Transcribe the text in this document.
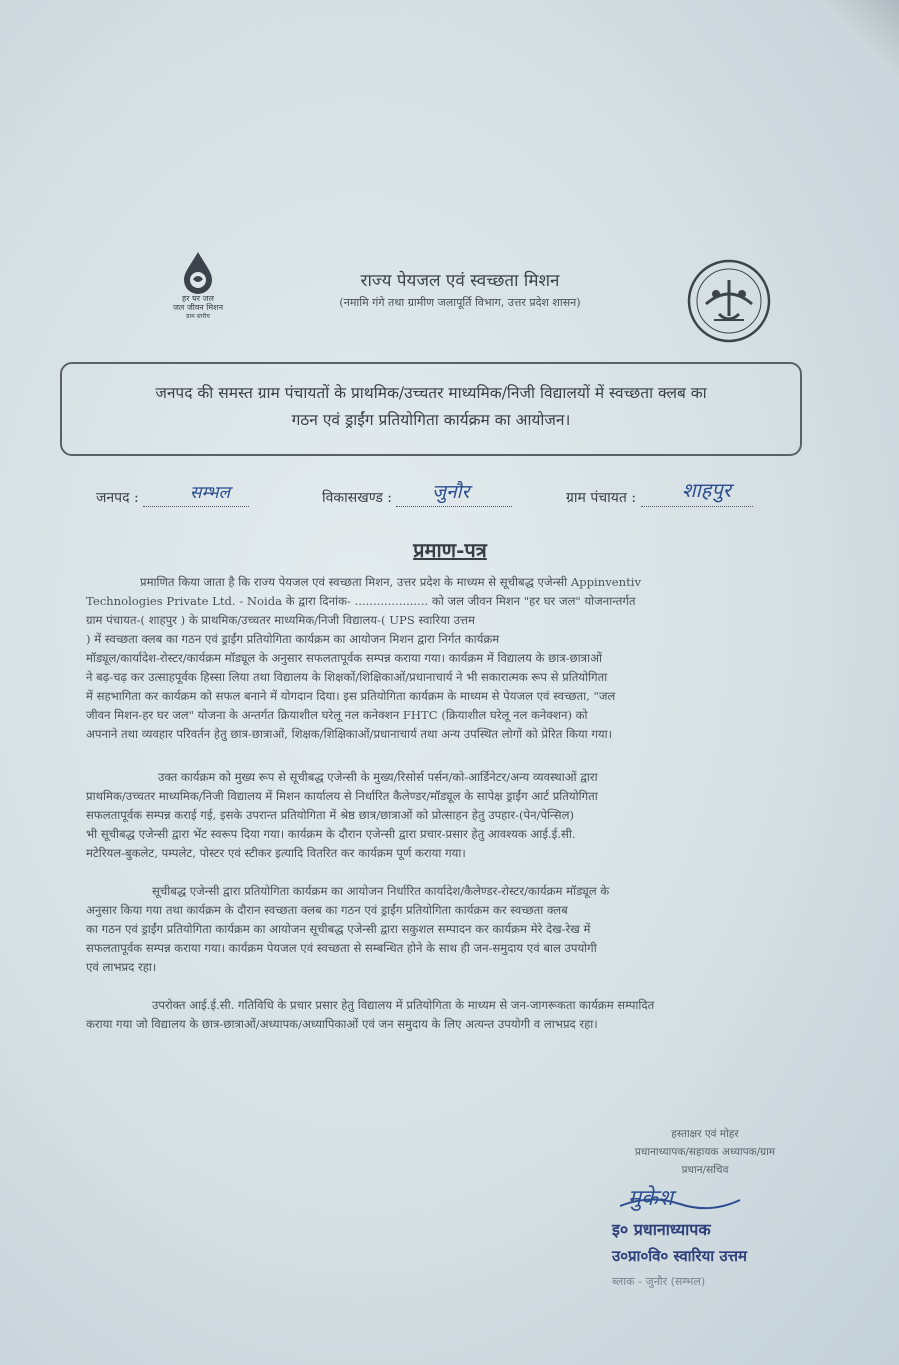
हर घर जल
जल जीवन मिशन
ग्राम स्तरीय
राज्य पेयजल एवं स्वच्छता मिशन
(नमामि गंगे तथा ग्रामीण जलापूर्ति विभाग, उत्तर प्रदेश शासन)
जनपद की समस्त ग्राम पंचायतों के प्राथमिक/उच्चतर माध्यमिक/निजी विद्यालयों में स्वच्छता क्लब का
गठन एवं ड्राईंग प्रतियोगिता कार्यक्रम का आयोजन।
जनपद :	सम्भल	विकासखण्ड :	जुनौर	ग्राम पंचायत :	शाहपुर
प्रमाण-पत्र
प्रमाणित किया जाता है कि राज्य पेयजल एवं स्वच्छता मिशन, उत्तर प्रदेश के माध्यम से सूचीबद्ध एजेन्सी Appinventiv
Technologies Private Ltd. - Noida के द्वारा दिनांक- .................... को जल जीवन मिशन "हर घर जल" योजनान्तर्गत
ग्राम पंचायत-( शाहपुर ) के प्राथमिक/उच्चतर माध्यमिक/निजी विद्यालय-( UPS स्वारिया उत्तम
) में स्वच्छता क्लब का गठन एवं ड्राईंग प्रतियोगिता कार्यक्रम का आयोजन मिशन द्वारा निर्गत कार्यक्रम
मॉड्यूल/कार्यादेश-रोस्टर/कार्यक्रम मॉड्यूल के अनुसार सफलतापूर्वक सम्पन्न कराया गया। कार्यक्रम में विद्यालय के छात्र-छात्राओं
ने बढ़-चढ़ कर उत्साहपूर्वक हिस्सा लिया तथा विद्यालय के शिक्षकों/शिक्षिकाओं/प्रधानाचार्य ने भी सकारात्मक रूप से प्रतियोगिता
में सहभागिता कर कार्यक्रम को सफल बनाने में योगदान दिया। इस प्रतियोगिता कार्यक्रम के माध्यम से पेयजल एवं स्वच्छता, "जल
जीवन मिशन-हर घर जल" योजना के अन्तर्गत क्रियाशील घरेलू नल कनेक्शन FHTC (क्रियाशील घरेलू नल कनेक्शन) को
अपनाने तथा व्यवहार परिवर्तन हेतु छात्र-छात्राओं, शिक्षक/शिक्षिकाओं/प्रधानाचार्य तथा अन्य उपस्थित लोगों को प्रेरित किया गया।
उक्त कार्यक्रम को मुख्य रूप से सूचीबद्ध एजेन्सी के मुख्य/रिसोर्स पर्सन/को-आर्डिनेटर/अन्य व्यवस्थाओं द्वारा
प्राथमिक/उच्चतर माध्यमिक/निजी विद्यालय में मिशन कार्यालय से निर्धारित कैलेण्डर/मॉड्यूल के सापेक्ष ड्राईंग आर्ट प्रतियोगिता
सफलतापूर्वक सम्पन्न कराई गई, इसके उपरान्त प्रतियोगिता में श्रेष्ठ छात्र/छात्राओं को प्रोत्साहन हेतु उपहार-(पेन/पेन्सिल)
भी सूचीबद्ध एजेन्सी द्वारा भेंट स्वरूप दिया गया। कार्यक्रम के दौरान एजेन्सी द्वारा प्रचार-प्रसार हेतु आवश्यक आई.ई.सी.
मटेरियल-बुकलेट, पम्पलेट, पोस्टर एवं स्टीकर इत्यादि वितरित कर कार्यक्रम पूर्ण कराया गया।
सूचीबद्ध एजेन्सी द्वारा प्रतियोगिता कार्यक्रम का आयोजन निर्धारित कार्यादेश/कैलेण्डर-रोस्टर/कार्यक्रम मॉड्यूल के
अनुसार किया गया तथा कार्यक्रम के दौरान स्वच्छता क्लब का गठन एवं ड्राईंग प्रतियोगिता कार्यक्रम कर स्वच्छता क्लब
का गठन एवं ड्राईंग प्रतियोगिता कार्यक्रम का आयोजन सूचीबद्ध एजेन्सी द्वारा सकुशल सम्पादन कर कार्यक्रम मेरे देख-रेख में
सफलतापूर्वक सम्पन्न कराया गया। कार्यक्रम पेयजल एवं स्वच्छता से सम्बन्धित होने के साथ ही जन-समुदाय एवं बाल उपयोगी
एवं लाभप्रद रहा।
उपरोक्त आई.ई.सी. गतिविधि के प्रचार प्रसार हेतु विद्यालय में प्रतियोगिता के माध्यम से जन-जागरूकता कार्यक्रम सम्पादित
कराया गया जो विद्यालय के छात्र-छात्राओं/अध्यापक/अध्यापिकाओं एवं जन समुदाय के लिए अत्यन्त उपयोगी व लाभप्रद रहा।
हस्ताक्षर एवं मोहर
प्रधानाध्यापक/सहायक अध्यापक/ग्राम
प्रधान/सचिव
मुकेश
इ० प्रधानाध्यापक
उ०प्रा०वि० स्वारिया उत्तम
ब्लाक - जुनौर (सम्भल)
